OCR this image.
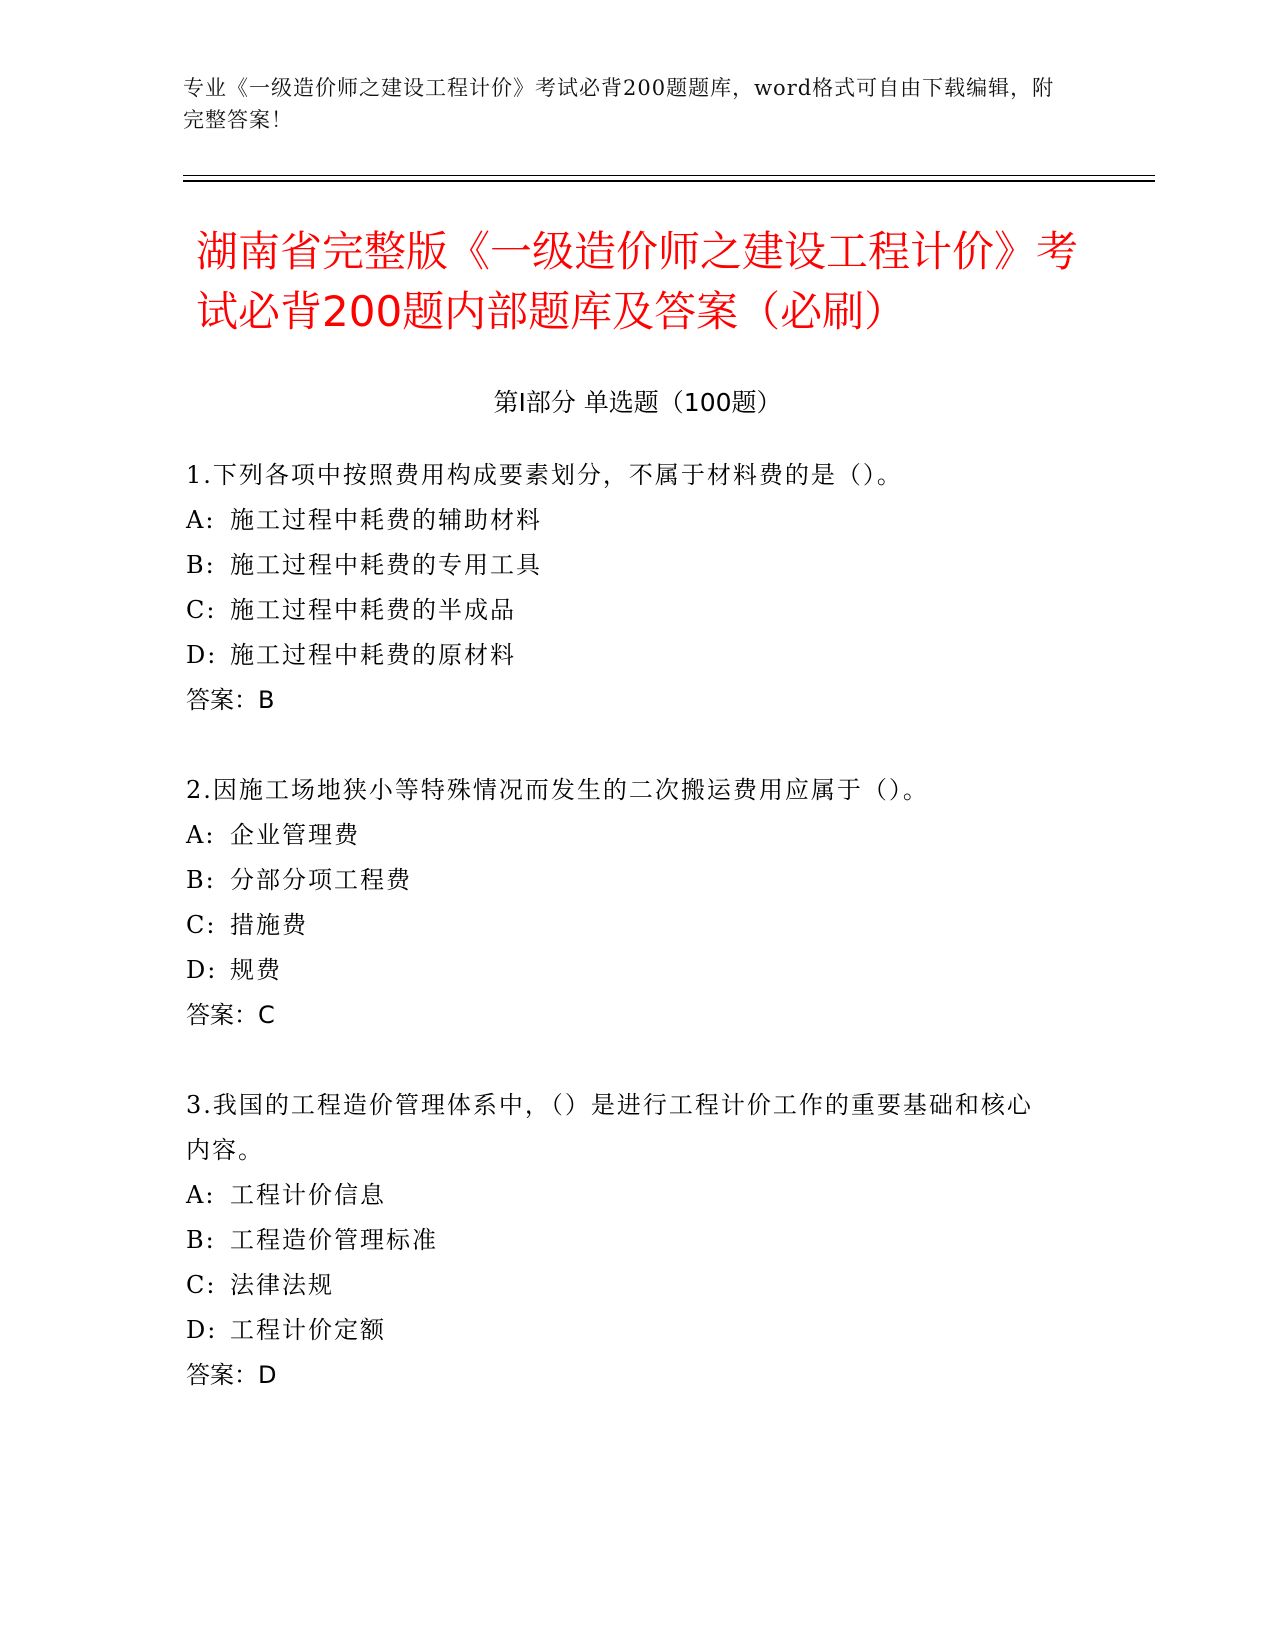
专业《一级造价师之建设工程计价》考试必背200题题库，word格式可自由下载编辑，附完整答案！
湖南省完整版《一级造价师之建设工程计价》考试必背200题内部题库及答案（必刷）
第I部分 单选题（100题）

1.下列各项中按照费用构成要素划分，不属于材料费的是（）。

A: 施工过程中耗费的辅助材料

B: 施工过程中耗费的专用工具

C: 施工过程中耗费的半成品

D: 施工过程中耗费的原材料

答案：B

2.因施工场地狭小等特殊情况而发生的二次搬运费用应属于（）。

A: 企业管理费

B: 分部分项工程费

C: 措施费

D: 规费

答案：C

3.我国的工程造价管理体系中，（）是进行工程计价工作的重要基础和核心内容。

A: 工程计价信息

B: 工程造价管理标准

C: 法律法规

D: 工程计价定额

答案：D
